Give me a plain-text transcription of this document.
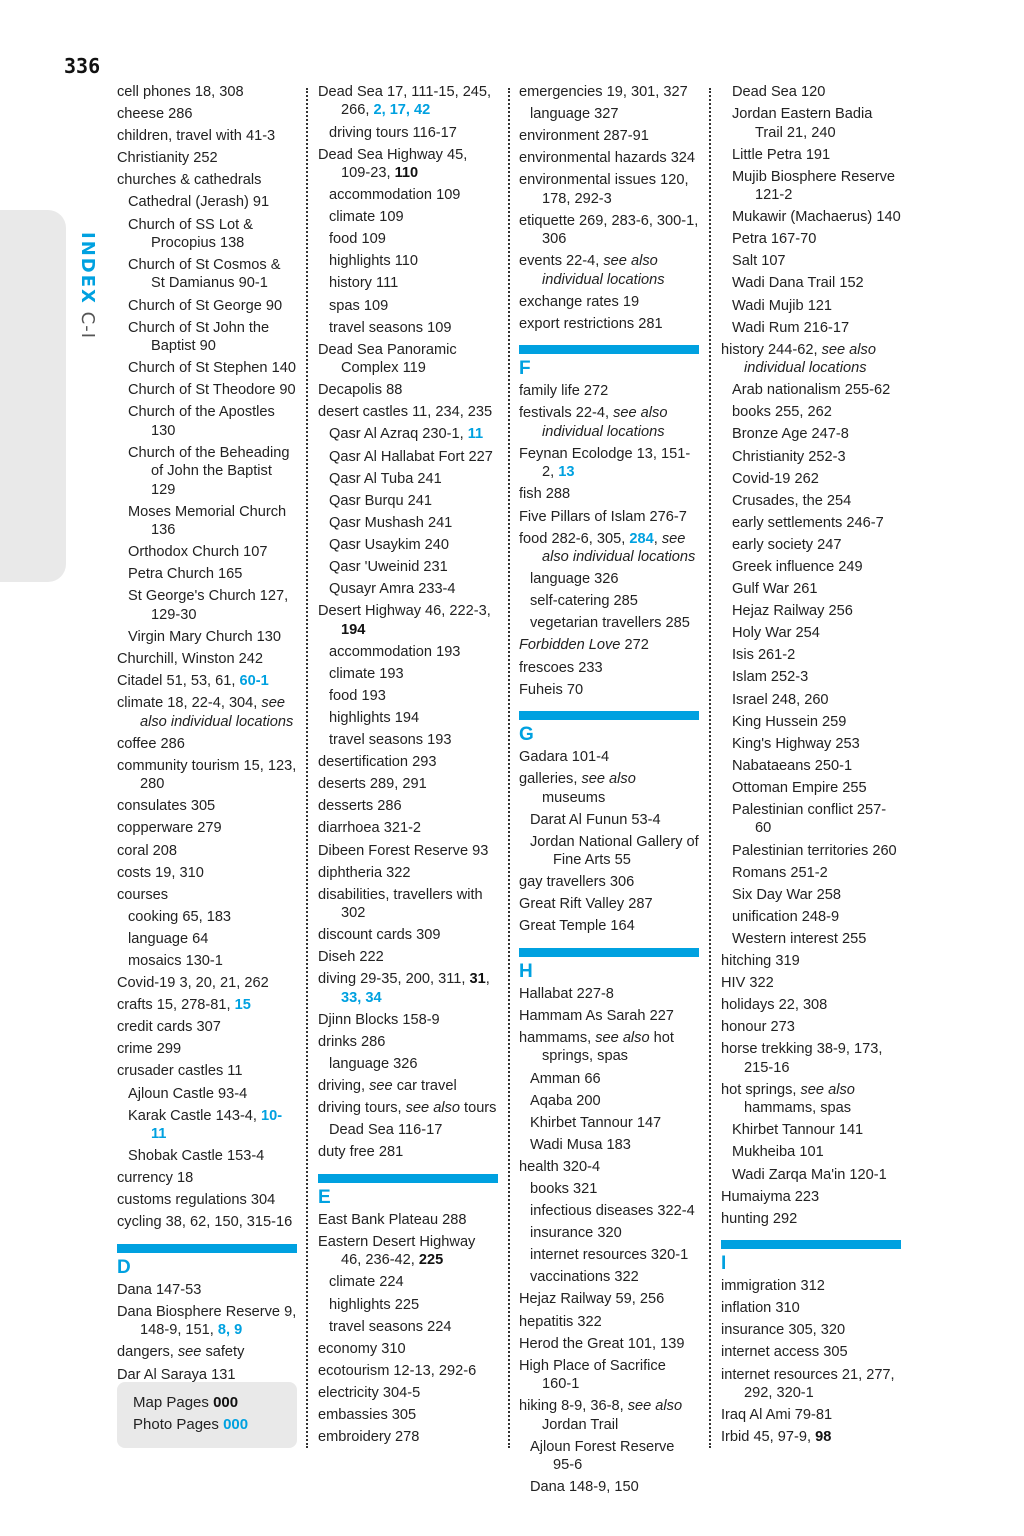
336
INDEX C-I
cell phones 18, 308
cheese 286
children, travel with 41-3
Christianity 252
churches & cathedrals
Cathedral (Jerash) 91
Church of SS Lot & Procopius 138
Church of St Cosmos & St Damianus 90-1
Church of St George 90
Church of St John the Baptist 90
Church of St Stephen 140
Church of St Theodore 90
Church of the Apostles 130
Church of the Beheading of John the Baptist 129
Moses Memorial Church 136
Orthodox Church 107
Petra Church 165
St George's Church 127, 129-30
Virgin Mary Church 130
Churchill, Winston 242
Citadel 51, 53, 61, 60-1
climate 18, 22-4, 304, see also individual locations
coffee 286
community tourism 15, 123, 280
consulates 305
copperware 279
coral 208
costs 19, 310
courses
cooking 65, 183
language 64
mosaics 130-1
Covid-19 3, 20, 21, 262
crafts 15, 278-81, 15
credit cards 307
crime 299
crusader castles 11
Ajloun Castle 93-4
Karak Castle 143-4, 10-11
Shobak Castle 153-4
currency 18
customs regulations 304
cycling 38, 62, 150, 315-16
D
Dana 147-53
Dana Biosphere Reserve 9, 148-9, 151, 8, 9
dangers, see safety
Dar Al Saraya 131
Dead Sea 17, 111-15, 245, 266, 2, 17, 42
driving tours 116-17
Dead Sea Highway 45, 109-23, 110
accommodation 109
climate 109
food 109
highlights 110
history 111
spas 109
travel seasons 109
Dead Sea Panoramic Complex 119
Decapolis 88
desert castles 11, 234, 235
Qasr Al Azraq 230-1, 11
Qasr Al Hallabat Fort 227
Qasr Al Tuba 241
Qasr Burqu 241
Qasr Mushash 241
Qasr Usaykim 240
Qasr 'Uweinid 231
Qusayr Amra 233-4
Desert Highway 46, 222-3, 194
accommodation 193
climate 193
food 193
highlights 194
travel seasons 193
desertification 293
deserts 289, 291
desserts 286
diarrhoea 321-2
Dibeen Forest Reserve 93
diphtheria 322
disabilities, travellers with 302
discount cards 309
Diseh 222
diving 29-35, 200, 311, 31, 33, 34
Djinn Blocks 158-9
drinks 286
language 326
driving, see car travel
driving tours, see also tours
Dead Sea 116-17
duty free 281
E
East Bank Plateau 288
Eastern Desert Highway 46, 236-42, 225
climate 224
highlights 225
travel seasons 224
economy 310
ecotourism 12-13, 292-6
electricity 304-5
embassies 305
embroidery 278
emergencies 19, 301, 327
language 327
environment 287-91
environmental hazards 324
environmental issues 120, 178, 292-3
etiquette 269, 283-6, 300-1, 306
events 22-4, see also individual locations
exchange rates 19
export restrictions 281
F
family life 272
festivals 22-4, see also individual locations
Feynan Ecolodge 13, 151-2, 13
fish 288
Five Pillars of Islam 276-7
food 282-6, 305, 284, see also individual locations
language 326
self-catering 285
vegetarian travellers 285
Forbidden Love 272
frescoes 233
Fuheis 70
G
Gadara 101-4
galleries, see also museums
Darat Al Funun 53-4
Jordan National Gallery of Fine Arts 55
gay travellers 306
Great Rift Valley 287
Great Temple 164
H
Hallabat 227-8
Hammam As Sarah 227
hammams, see also hot springs, spas
Amman 66
Aqaba 200
Khirbet Tannour 147
Wadi Musa 183
health 320-4
books 321
infectious diseases 322-4
insurance 320
internet resources 320-1
vaccinations 322
Hejaz Railway 59, 256
hepatitis 322
Herod the Great 101, 139
High Place of Sacrifice 160-1
hiking 8-9, 36-8, see also Jordan Trail
Ajloun Forest Reserve 95-6
Dana 148-9, 150
Dead Sea 120
Jordan Eastern Badia Trail 21, 240
Little Petra 191
Mujib Biosphere Reserve 121-2
Mukawir (Machaerus) 140
Petra 167-70
Salt 107
Wadi Dana Trail 152
Wadi Mujib 121
Wadi Rum 216-17
history 244-62, see also individual locations
Arab nationalism 255-62
books 255, 262
Bronze Age 247-8
Christianity 252-3
Covid-19 262
Crusades, the 254
early settlements 246-7
early society 247
Greek influence 249
Gulf War 261
Hejaz Railway 256
Holy War 254
Isis 261-2
Islam 252-3
Israel 248, 260
King Hussein 259
King's Highway 253
Nabataeans 250-1
Ottoman Empire 255
Palestinian conflict 257-60
Palestinian territories 260
Romans 251-2
Six Day War 258
unification 248-9
Western interest 255
hitching 319
HIV 322
holidays 22, 308
honour 273
horse trekking 38-9, 173, 215-16
hot springs, see also hammams, spas
Khirbet Tannour 141
Mukheiba 101
Wadi Zarqa Ma'in 120-1
Humaiyma 223
hunting 292
I
immigration 312
inflation 310
insurance 305, 320
internet access 305
internet resources 21, 277, 292, 320-1
Iraq Al Ami 79-81
Irbid 45, 97-9, 98
Map Pages 000
Photo Pages 000
